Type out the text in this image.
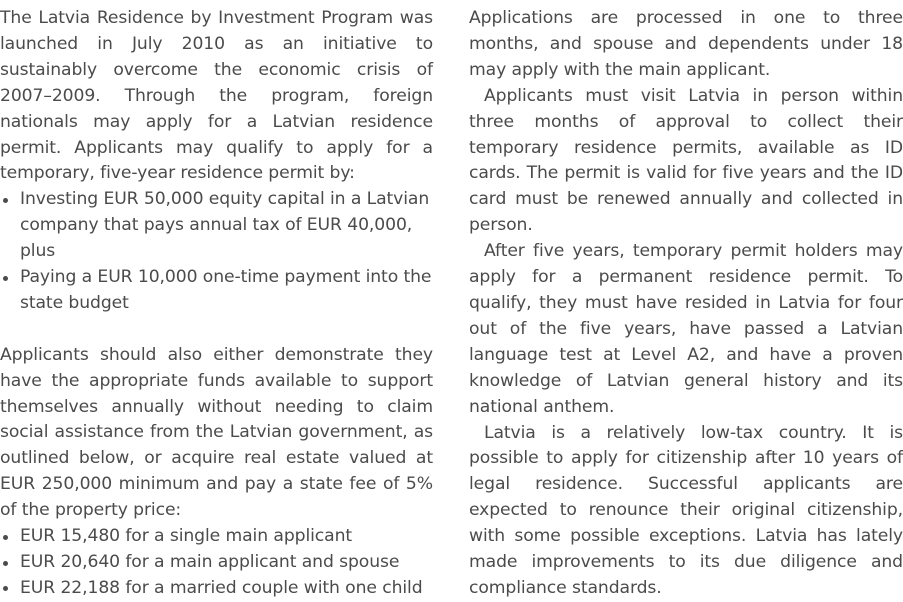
The Latvia Residence by Investment Program was launched in July 2010 as an initiative to sustainably overcome the economic crisis of 2007–2009. Through the program, foreign nationals may apply for a Latvian residence permit. Applicants may qualify to apply for a temporary, five-year residence permit by:

Investing EUR 50,000 equity capital in a Latvian company that pays annual tax of EUR 40,000, plus
Paying a EUR 10,000 one-time payment into the state budget

Applicants should also either demonstrate they have the appropriate funds available to support themselves annually without needing to claim social assistance from the Latvian government, as outlined below, or acquire real estate valued at EUR 250,000 minimum and pay a state fee of 5% of the property price:

EUR 15,480 for a single main applicant
EUR 20,640 for a main applicant and spouse
EUR 22,188 for a married couple with one child

Applications are processed in one to three months, and spouse and dependents under 18 may apply with the main applicant.

Applicants must visit Latvia in person within three months of approval to collect their temporary residence permits, available as ID cards. The permit is valid for five years and the ID card must be renewed annually and collected in person.

After five years, temporary permit holders may apply for a permanent residence permit. To qualify, they must have resided in Latvia for four out of the five years, have passed a Latvian language test at Level A2, and have a proven knowledge of Latvian general history and its national anthem.

Latvia is a relatively low-tax country. It is possible to apply for citizenship after 10 years of legal residence. Successful applicants are expected to renounce their original citizenship, with some possible exceptions. Latvia has lately made improvements to its due diligence and compliance standards.
